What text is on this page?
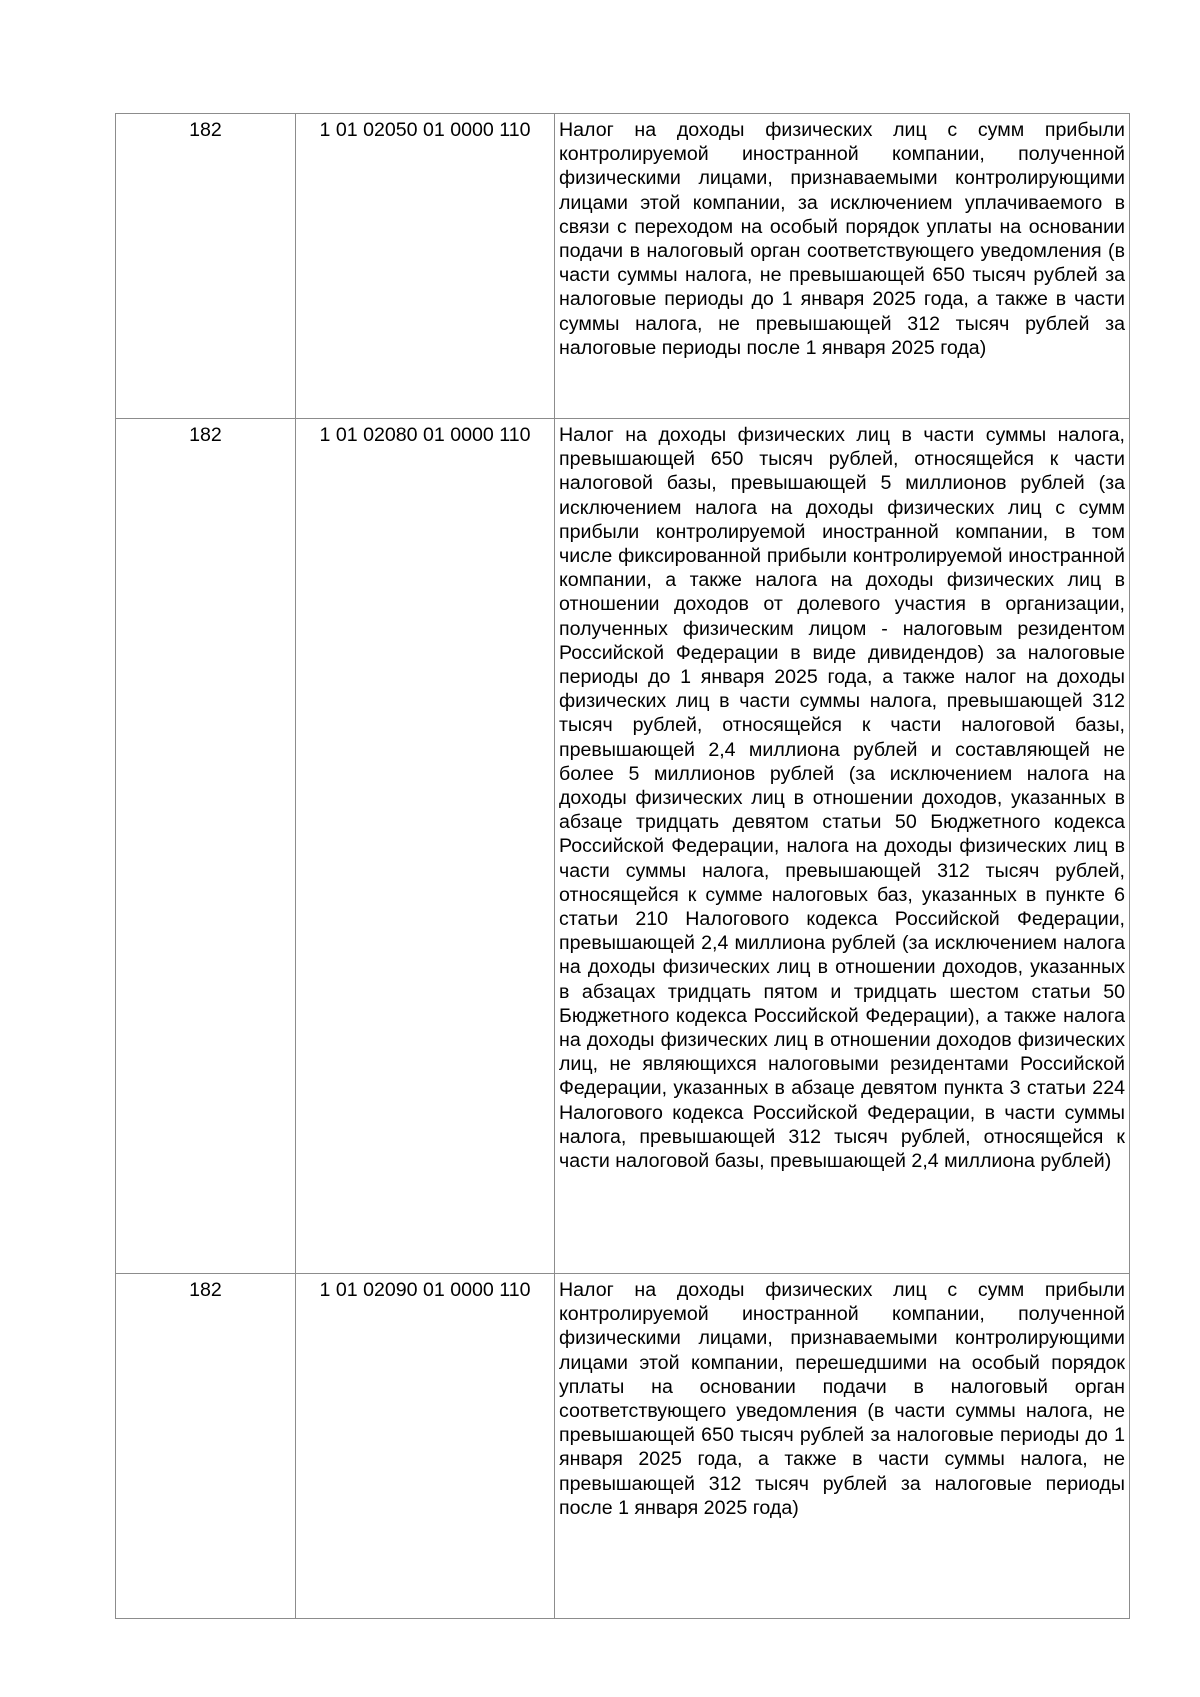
182	1 01 02050 01 0000 110	Налог на доходы физических лиц с сумм прибыли контролируемой иностранной компании, полученной физическими лицами, признаваемыми контролирующими лицами этой компании, за исключением уплачиваемого в связи с переходом на особый порядок уплаты на основании подачи в налоговый орган соответствующего уведомления (в части суммы налога, не превышающей 650 тысяч рублей за налоговые периоды до 1 января 2025 года, а также в части суммы налога, не превышающей 312 тысяч рублей за налоговые периоды после 1 января 2025 года)
182	1 01 02080 01 0000 110	Налог на доходы физических лиц в части суммы налога, превышающей 650 тысяч рублей, относящейся к части налоговой базы, превышающей 5 миллионов рублей (за исключением налога на доходы физических лиц с сумм прибыли контролируемой иностранной компании, в том числе фиксированной прибыли контролируемой иностранной компании, а также налога на доходы физических лиц в отношении доходов от долевого участия в организации, полученных физическим лицом - налоговым резидентом Российской Федерации в виде дивидендов) за налоговые периоды до 1 января 2025 года, а также налог на доходы физических лиц в части суммы налога, превышающей 312 тысяч рублей, относящейся к части налоговой базы, превышающей 2,4 миллиона рублей и составляющей не более 5 миллионов рублей (за исключением налога на доходы физических лиц в отношении доходов, указанных в абзаце тридцать девятом статьи 50 Бюджетного кодекса Российской Федерации, налога на доходы физических лиц в части суммы налога, превышающей 312 тысяч рублей, относящейся к сумме налоговых баз, указанных в пункте 6 статьи 210 Налогового кодекса Российской Федерации, превышающей 2,4 миллиона рублей (за исключением налога на доходы физических лиц в отношении доходов, указанных в абзацах тридцать пятом и тридцать шестом статьи 50 Бюджетного кодекса Российской Федерации), а также налога на доходы физических лиц в отношении доходов физических лиц, не являющихся налоговыми резидентами Российской Федерации, указанных в абзаце девятом пункта 3 статьи 224 Налогового кодекса Российской Федерации, в части суммы налога, превышающей 312 тысяч рублей, относящейся к части налоговой базы, превышающей 2,4 миллиона рублей)
182	1 01 02090 01 0000 110	Налог на доходы физических лиц с сумм прибыли контролируемой иностранной компании, полученной физическими лицами, признаваемыми контролирующими лицами этой компании, перешедшими на особый порядок уплаты на основании подачи в налоговый орган соответствующего уведомления (в части суммы налога, не превышающей 650 тысяч рублей за налоговые периоды до 1 января 2025 года, а также в части суммы налога, не превышающей 312 тысяч рублей за налоговые периоды после 1 января 2025 года)
